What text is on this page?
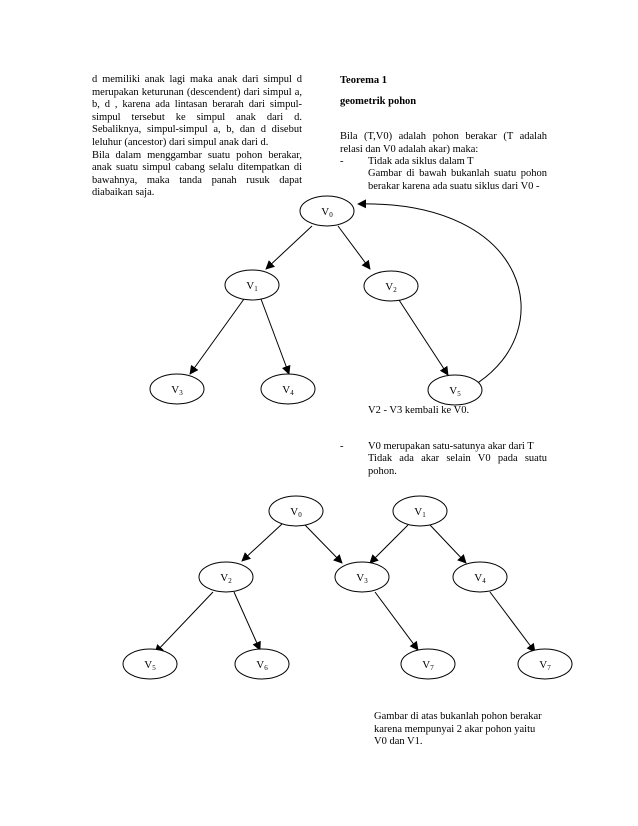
d memiliki anak lagi maka anak dari simpul d
merupakan keturunan (descendent) dari simpul a,
b, d , karena ada lintasan berarah dari simpul-
simpul tersebut ke simpul anak dari d.
Sebaliknya, simpul-simpul a, b, dan d disebut
leluhur (ancestor) dari simpul anak dari d.
Bila dalam menggambar suatu pohon berakar,
anak suatu simpul cabang selalu ditempatkan di
bawahnya, maka tanda panah rusuk dapat
diabaikan saja.
Teorema 1
geometrik pohon
Bila (T,V0) adalah pohon berakar (T adalah
relasi dan V0 adalah akar) maka:
- Tidak ada siklus dalam T
Gambar di bawah bukanlah suatu pohon
berakar karena ada suatu siklus dari V0 -
V2 - V3 kembali ke V0.
- V0 merupakan satu-satunya akar dari T
Tidak ada akar selain V0 pada suatu
pohon.
Gambar di atas bukanlah pohon berakar
karena mempunyai 2 akar pohon yaitu
V0 dan V1.
V0
V1	V2
V3	V4	V5
V0	V1
V2	V3	V4
V5	V6	V7	V7
